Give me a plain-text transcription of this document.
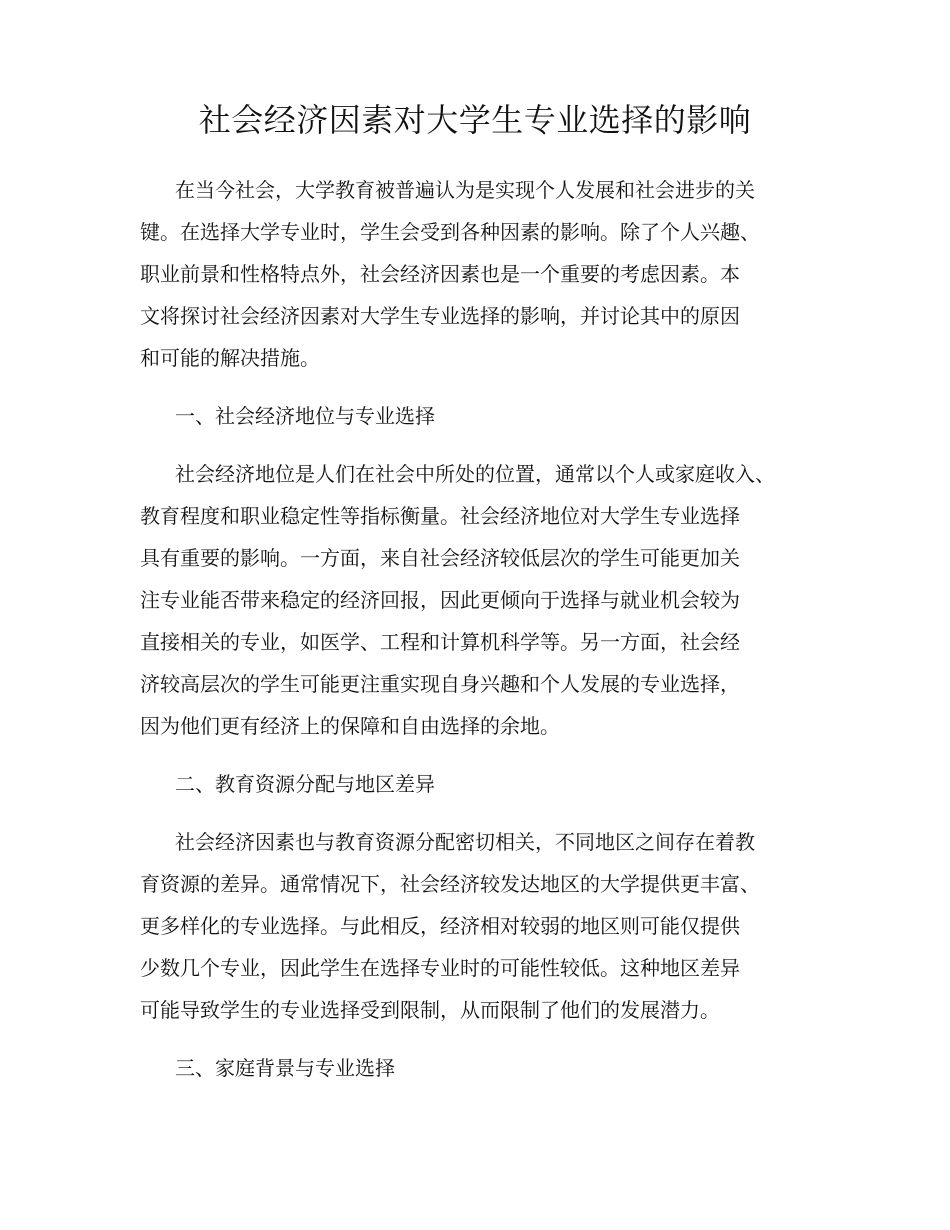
社会经济因素对大学生专业选择的影响
在当今社会，大学教育被普遍认为是实现个人发展和社会进步的关
键。在选择大学专业时，学生会受到各种因素的影响。除了个人兴趣、
职业前景和性格特点外，社会经济因素也是一个重要的考虑因素。本
文将探讨社会经济因素对大学生专业选择的影响，并讨论其中的原因
和可能的解决措施。
一、社会经济地位与专业选择
社会经济地位是人们在社会中所处的位置，通常以个人或家庭收入、
教育程度和职业稳定性等指标衡量。社会经济地位对大学生专业选择
具有重要的影响。一方面，来自社会经济较低层次的学生可能更加关
注专业能否带来稳定的经济回报，因此更倾向于选择与就业机会较为
直接相关的专业，如医学、工程和计算机科学等。另一方面，社会经
济较高层次的学生可能更注重实现自身兴趣和个人发展的专业选择，
因为他们更有经济上的保障和自由选择的余地。
二、教育资源分配与地区差异
社会经济因素也与教育资源分配密切相关，不同地区之间存在着教
育资源的差异。通常情况下，社会经济较发达地区的大学提供更丰富、
更多样化的专业选择。与此相反，经济相对较弱的地区则可能仅提供
少数几个专业，因此学生在选择专业时的可能性较低。这种地区差异
可能导致学生的专业选择受到限制，从而限制了他们的发展潜力。
三、家庭背景与专业选择
